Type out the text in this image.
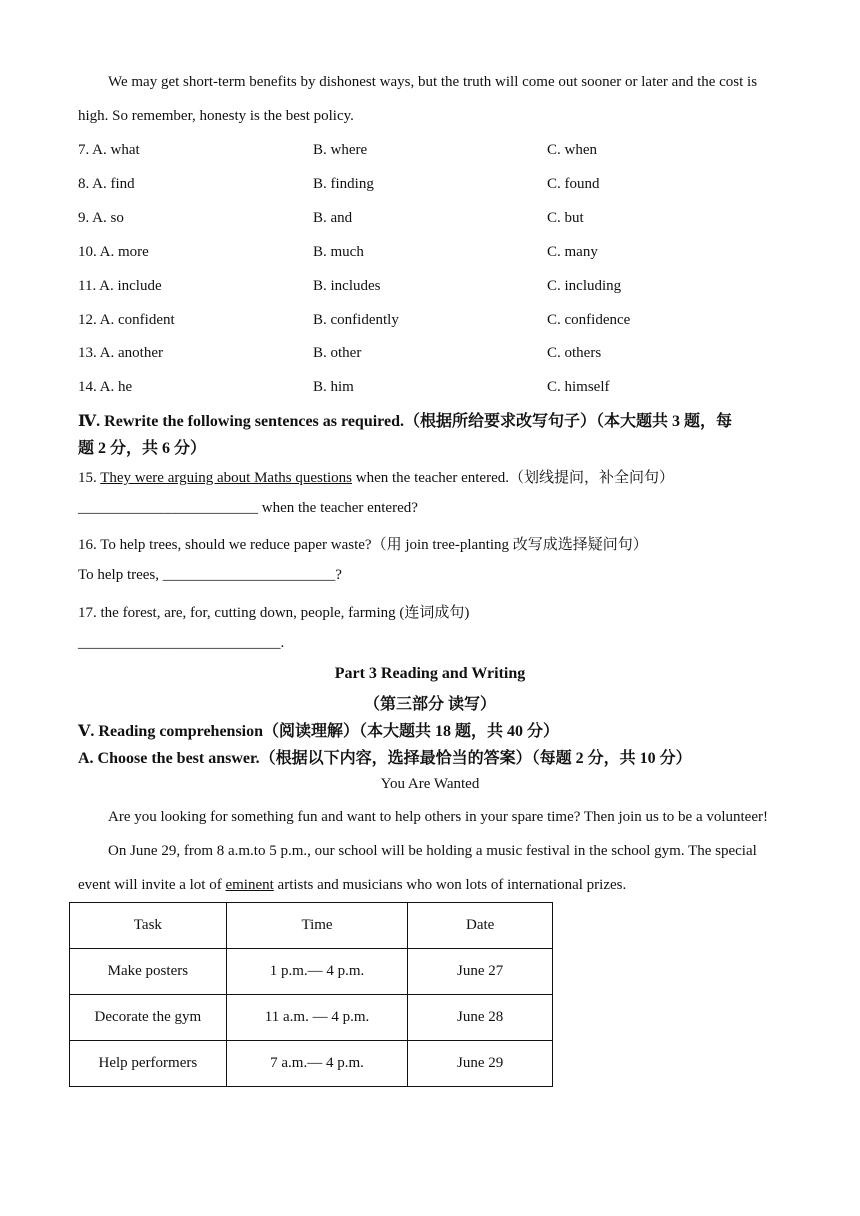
We may get short-term benefits by dishonest ways, but the truth will come out sooner or later and the cost is
high. So remember, honesty is the best policy.
7. A. what	B. where	C. when
8. A. find	B. finding	C. found
9. A. so	B. and	C. but
10. A. more	B. much	C. many
11. A. include	B. includes	C. including
12. A. confident	B. confidently	C. confidence
13. A. another	B. other	C. others
14. A. he	B. him	C. himself
Ⅳ. Rewrite the following sentences as required.（根据所给要求改写句子）（本大题共 3 题，每
题 2 分，共 6 分）
15. They were arguing about Maths questions when the teacher entered.（划线提问，补全问句）
________________________ when the teacher entered?
16. To help trees, should we reduce paper waste?（用 join tree-planting 改写成选择疑问句）
To help trees, _______________________?
17. the forest, are, for, cutting down, people, farming (连词成句)
___________________________.
Part 3 Reading and Writing
（第三部分 读写）
Ⅴ. Reading comprehension（阅读理解）（本大题共 18 题，共 40 分）
A. Choose the best answer.（根据以下内容，选择最恰当的答案）（每题 2 分，共 10 分）
You Are Wanted
Are you looking for something fun and want to help others in your spare time? Then join us to be a volunteer!
On June 29, from 8 a.m.to 5 p.m., our school will be holding a music festival in the school gym. The special
event will invite a lot of eminent artists and musicians who won lots of international prizes.
Task	Time	Date
Make posters	1 p.m.— 4 p.m.	June 27
Decorate the gym	11 a.m. — 4 p.m.	June 28
Help performers	7 a.m.— 4 p.m.	June 29
